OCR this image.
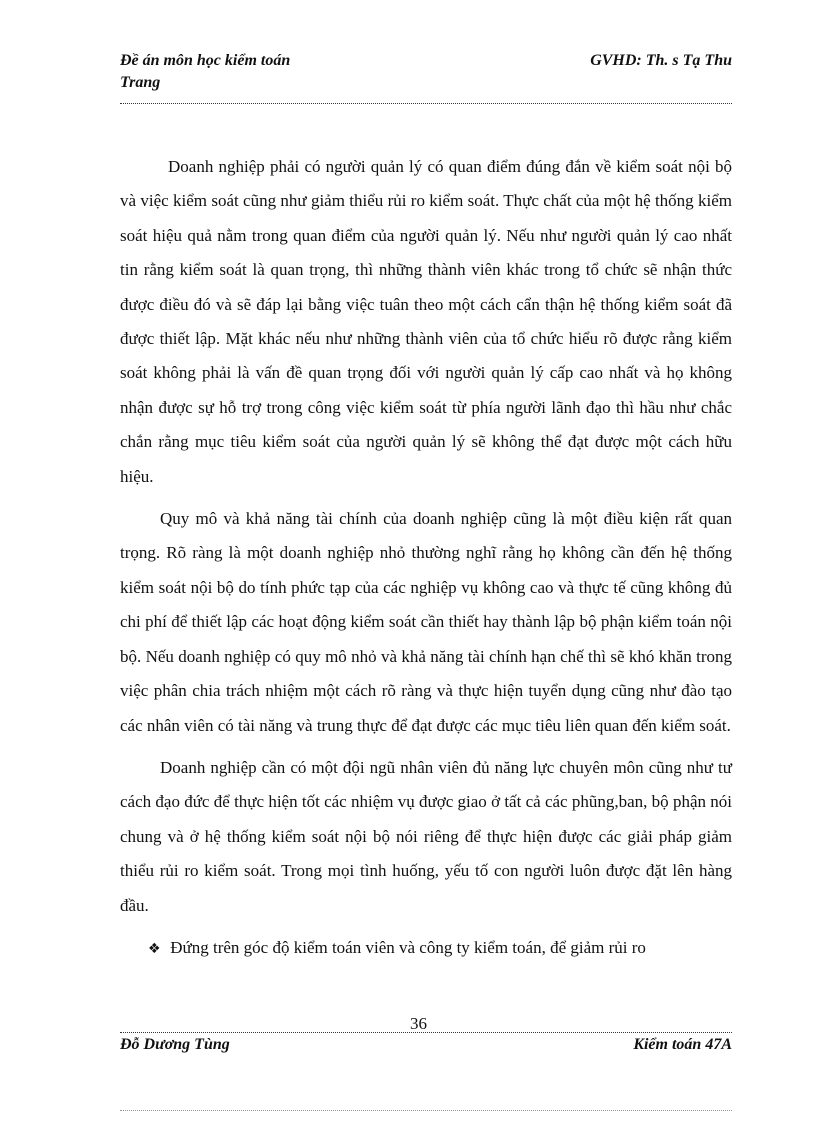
Đề án môn học kiểm toán
Trang
GVHD: Th. s Tạ Thu

Doanh nghiệp phải có người quản lý có quan điểm đúng đắn về kiểm soát nội bộ và việc kiểm soát cũng như giảm thiểu rủi ro kiểm soát. Thực chất của một hệ thống kiểm soát hiệu quả nằm trong quan điểm của người quản lý. Nếu như người quản lý cao nhất tin rằng kiểm soát là quan trọng, thì những thành viên khác trong tổ chức sẽ nhận thức được điều đó và sẽ đáp lại bằng việc tuân theo một cách cẩn thận hệ thống kiểm soát đã được thiết lập. Mặt khác nếu như những thành viên của tổ chức hiểu rõ được rằng kiểm soát không phải là vấn đề quan trọng đối với người quản lý cấp cao nhất và họ không nhận được sự hỗ trợ trong công việc kiểm soát từ phía người lãnh đạo thì hầu như chắc chắn rằng mục tiêu kiểm soát của người quản lý sẽ không thể đạt được một cách hữu hiệu.

Quy mô và khả năng tài chính của doanh nghiệp cũng là một điều kiện rất quan trọng. Rõ ràng là một doanh nghiệp nhỏ thường nghĩ rằng họ không cần đến hệ thống kiểm soát nội bộ do tính phức tạp của các nghiệp vụ không cao và thực tế cũng không đủ chi phí để thiết lập các hoạt động kiểm soát cần thiết hay thành lập bộ phận kiểm toán nội bộ. Nếu doanh nghiệp có quy mô nhỏ và khả năng tài chính hạn chế thì sẽ khó khăn trong việc phân chia trách nhiệm một cách rõ ràng và thực hiện tuyển dụng cũng như đào tạo các nhân viên có tài năng và trung thực để đạt được các mục tiêu liên quan đến kiểm soát.

Doanh nghiệp cần có một đội ngũ nhân viên đủ năng lực chuyên môn cũng như tư cách đạo đức để thực hiện tốt các nhiệm vụ được giao ở tất cả các phũng,ban, bộ phận nói chung và ở hệ thống kiểm soát nội bộ nói riêng để thực hiện được các giải pháp giảm thiểu rủi ro kiểm soát. Trong mọi tình huống, yếu tố con người luôn được đặt lên hàng đầu.

❖ Đứng trên góc độ kiểm toán viên và công ty kiểm toán, để giảm rủi ro

36
Đỗ Dương Tùng	Kiểm toán 47A
